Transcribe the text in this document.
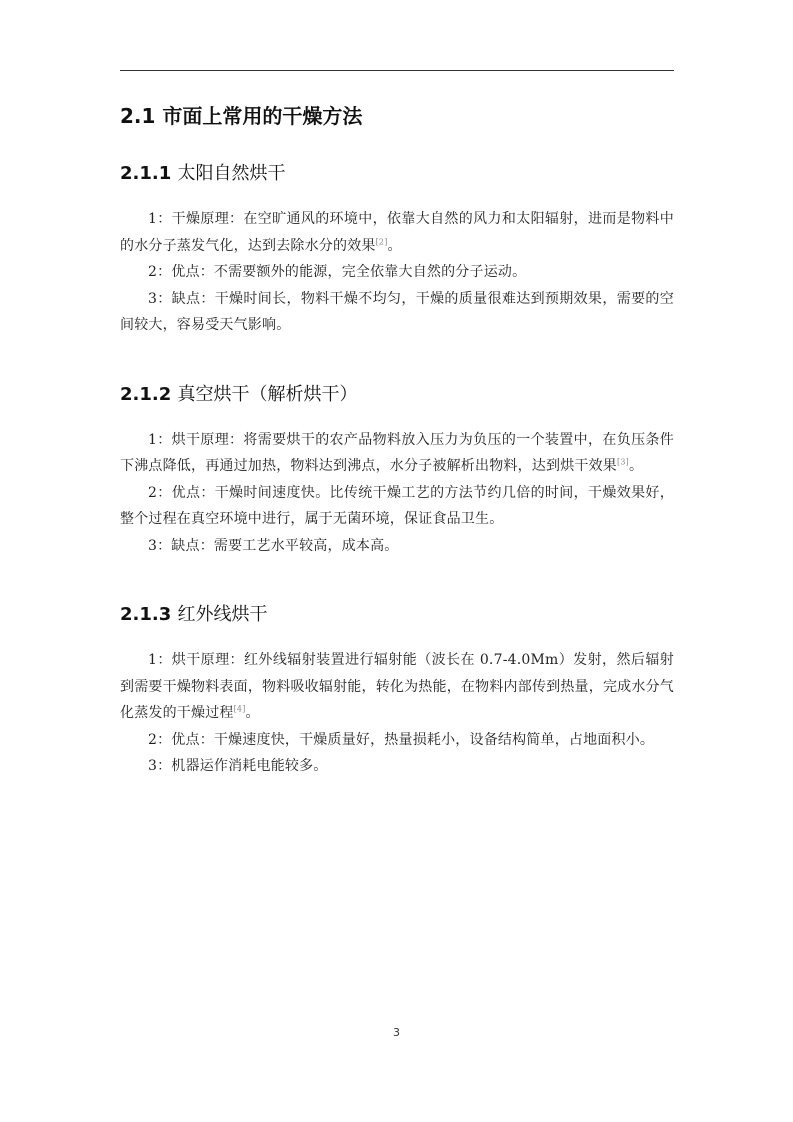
2.1 市面上常用的干燥方法
2.1.1 太阳自然烘干

1：干燥原理：在空旷通风的环境中，依靠大自然的风力和太阳辐射，进而是物料中的水分子蒸发气化，达到去除水分的效果[2]。

2：优点：不需要额外的能源，完全依靠大自然的分子运动。

3：缺点：干燥时间长，物料干燥不均匀，干燥的质量很难达到预期效果，需要的空间较大，容易受天气影响。

2.1.2 真空烘干（解析烘干）

1：烘干原理：将需要烘干的农产品物料放入压力为负压的一个装置中，在负压条件下沸点降低，再通过加热，物料达到沸点，水分子被解析出物料，达到烘干效果[3]。

2：优点：干燥时间速度快。比传统干燥工艺的方法节约几倍的时间，干燥效果好，整个过程在真空环境中进行，属于无菌环境，保证食品卫生。

3：缺点：需要工艺水平较高，成本高。

2.1.3 红外线烘干

1：烘干原理：红外线辐射装置进行辐射能（波长在 0.7-4.0Mm）发射，然后辐射到需要干燥物料表面，物料吸收辐射能，转化为热能，在物料内部传到热量，完成水分气化蒸发的干燥过程[4]。

2：优点：干燥速度快，干燥质量好，热量损耗小，设备结构简单，占地面积小。

3：机器运作消耗电能较多。

3
